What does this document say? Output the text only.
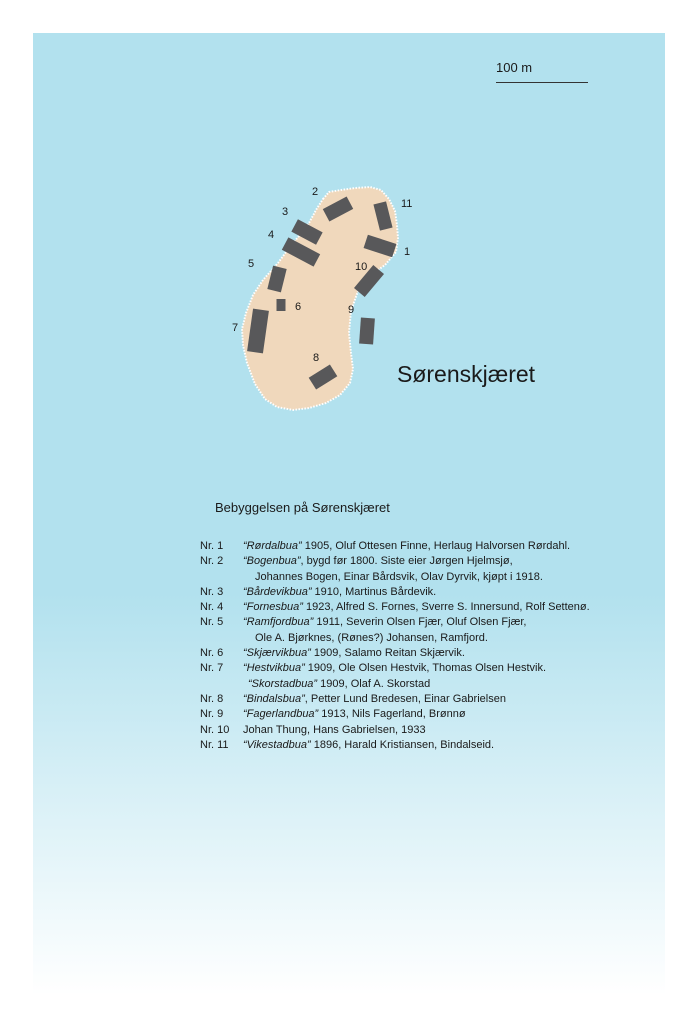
100 m
1
2
3
4
5
6
7
8
9
10
11
Sørenskjæret
Bebyggelsen på Sørenskjæret
Nr. 1	“Rørdalbua” 1905, Oluf Ottesen Finne, Herlaug Halvorsen Rørdahl.
Nr. 2	“Bogenbua”, bygd før 1800. Siste eier Jørgen Hjelmsjø,
Johannes Bogen, Einar Bårdsvik, Olav Dyrvik, kjøpt i 1918.
Nr. 3	“Bårdevikbua” 1910, Martinus Bårdevik.
Nr. 4	“Fornesbua” 1923, Alfred S. Fornes, Sverre S. Innersund, Rolf Settenø.
Nr. 5	“Ramfjordbua” 1911, Severin Olsen Fjær, Oluf Olsen Fjær,
Ole A. Bjørknes, (Rønes?) Johansen, Ramfjord.
Nr. 6	“Skjærvikbua” 1909, Salamo Reitan Skjærvik.
Nr. 7	“Hestvikbua” 1909, Ole Olsen Hestvik, Thomas Olsen Hestvik.
“Skorstadbua” 1909, Olaf A. Skorstad
Nr. 8	“Bindalsbua”, Petter Lund Bredesen, Einar Gabrielsen
Nr. 9	“Fagerlandbua” 1913, Nils Fagerland, Brønnø
Nr. 10	Johan Thung, Hans Gabrielsen, 1933
Nr. 11	“Vikestadbua” 1896, Harald Kristiansen, Bindalseid.
